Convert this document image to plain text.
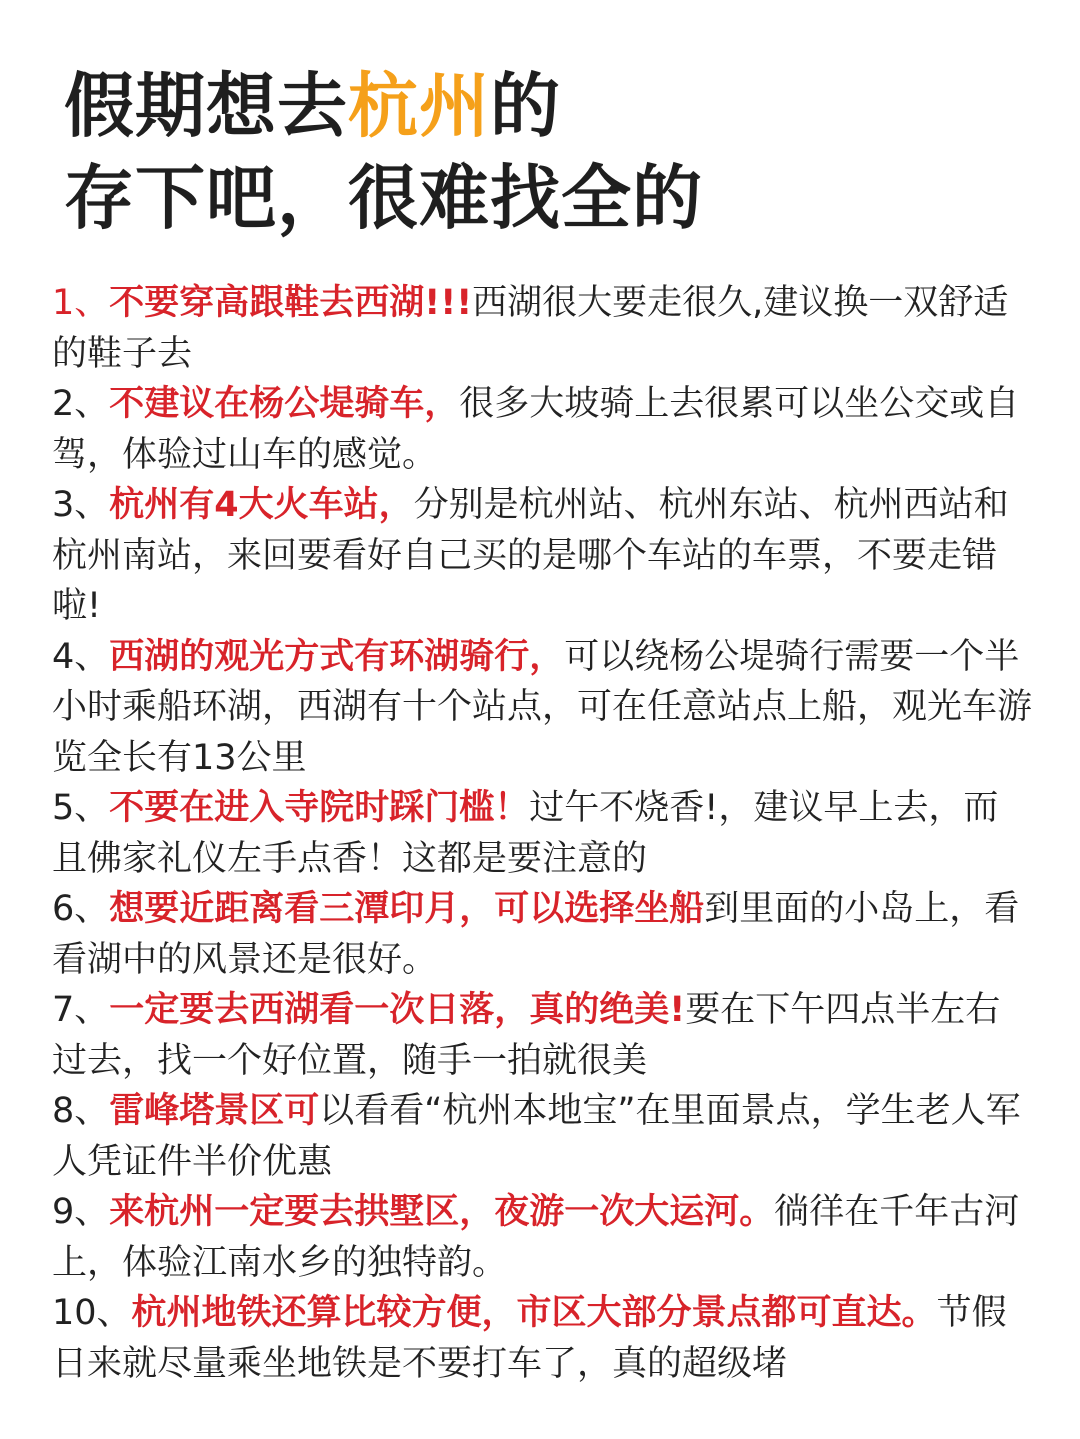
假期想去杭州的
存下吧，很难找全的
1、不要穿高跟鞋去西湖!!!西湖很大要走很久,建议换一双舒适的鞋子去
2、不建议在杨公堤骑车，很多大坡骑上去很累可以坐公交或自驾，体验过山车的感觉。
3、杭州有4大火车站，分别是杭州站、杭州东站、杭州西站和杭州南站，来回要看好自己买的是哪个车站的车票，不要走错啦!
4、西湖的观光方式有环湖骑行，可以绕杨公堤骑行需要一个半小时乘船环湖，西湖有十个站点，可在任意站点上船，观光车游览全长有13公里
5、不要在进入寺院时踩门槛！过午不烧香!，建议早上去，而且佛家礼仪左手点香！这都是要注意的
6、想要近距离看三潭印月，可以选择坐船到里面的小岛上，看看湖中的风景还是很好。
7、一定要去西湖看一次日落，真的绝美!要在下午四点半左右过去，找一个好位置，随手一拍就很美
8、雷峰塔景区可以看看“杭州本地宝”在里面景点，学生老人军人凭证件半价优惠
9、来杭州一定要去拱墅区，夜游一次大运河。徜徉在千年古河上，体验江南水乡的独特韵。
10、杭州地铁还算比较方便，市区大部分景点都可直达。节假日来就尽量乘坐地铁是不要打车了，真的超级堵
